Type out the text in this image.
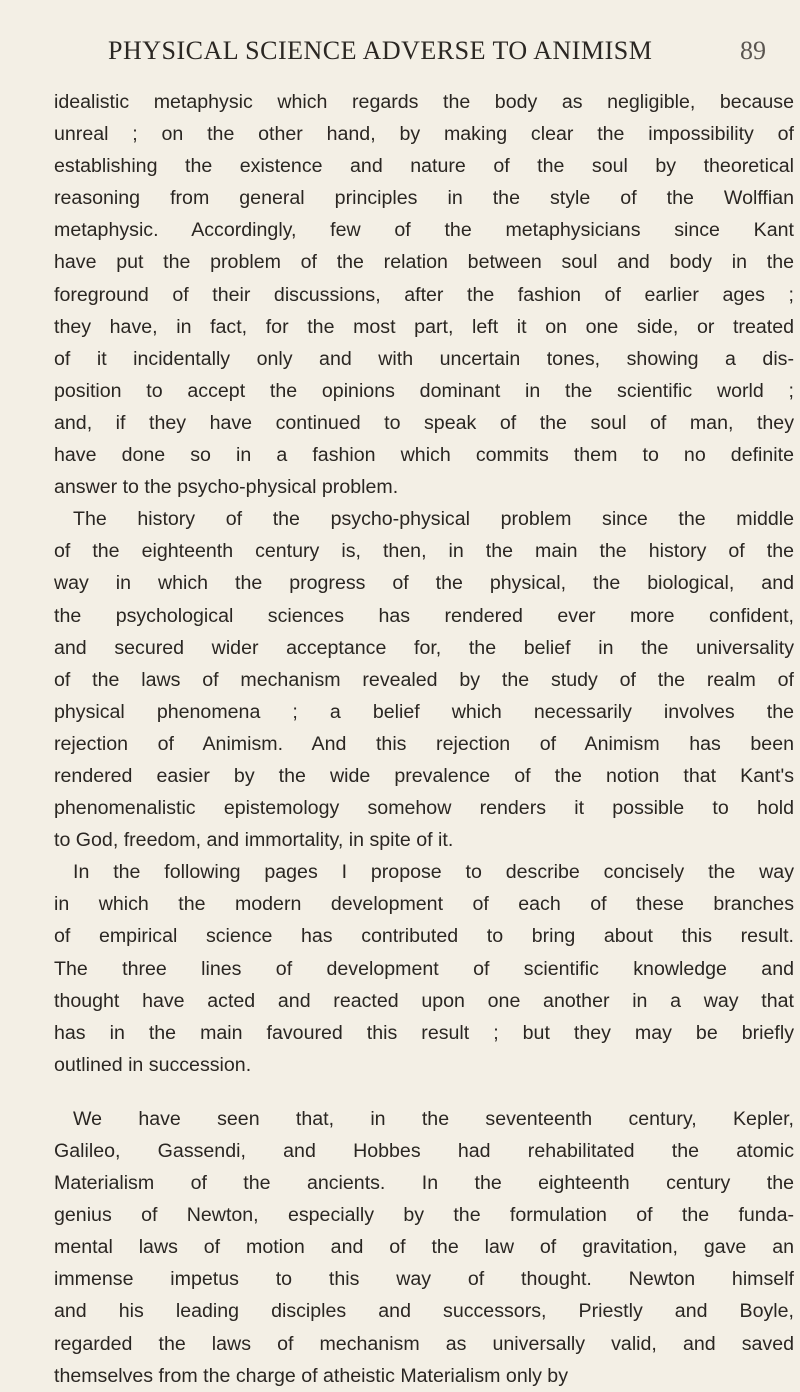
PHYSICAL SCIENCE ADVERSE TO ANIMISM	89
idealistic metaphysic which regards the body as negligible, because
unreal ; on the other hand, by making clear the impossibility of
establishing the existence and nature of the soul by theoretical
reasoning from general principles in the style of the Wolffian
metaphysic. Accordingly, few of the metaphysicians since Kant
have put the problem of the relation between soul and body in the
foreground of their discussions, after the fashion of earlier ages ;
they have, in fact, for the most part, left it on one side, or treated
of it incidentally only and with uncertain tones, showing a dis-
position to accept the opinions dominant in the scientific world ;
and, if they have continued to speak of the soul of man, they
have done so in a fashion which commits them to no definite
answer to the psycho-physical problem.
The history of the psycho-physical problem since the middle
of the eighteenth century is, then, in the main the history of the
way in which the progress of the physical, the biological, and
the psychological sciences has rendered ever more confident,
and secured wider acceptance for, the belief in the universality
of the laws of mechanism revealed by the study of the realm of
physical phenomena ; a belief which necessarily involves the
rejection of Animism. And this rejection of Animism has been
rendered easier by the wide prevalence of the notion that Kant's
phenomenalistic epistemology somehow renders it possible to hold
to God, freedom, and immortality, in spite of it.
In the following pages I propose to describe concisely the way
in which the modern development of each of these branches
of empirical science has contributed to bring about this result.
The three lines of development of scientific knowledge and
thought have acted and reacted upon one another in a way that
has in the main favoured this result ; but they may be briefly
outlined in succession.
We have seen that, in the seventeenth century, Kepler,
Galileo, Gassendi, and Hobbes had rehabilitated the atomic
Materialism of the ancients. In the eighteenth century the
genius of Newton, especially by the formulation of the funda-
mental laws of motion and of the law of gravitation, gave an
immense impetus to this way of thought. Newton himself
and his leading disciples and successors, Priestly and Boyle,
regarded the laws of mechanism as universally valid, and saved
themselves from the charge of atheistic Materialism only by
